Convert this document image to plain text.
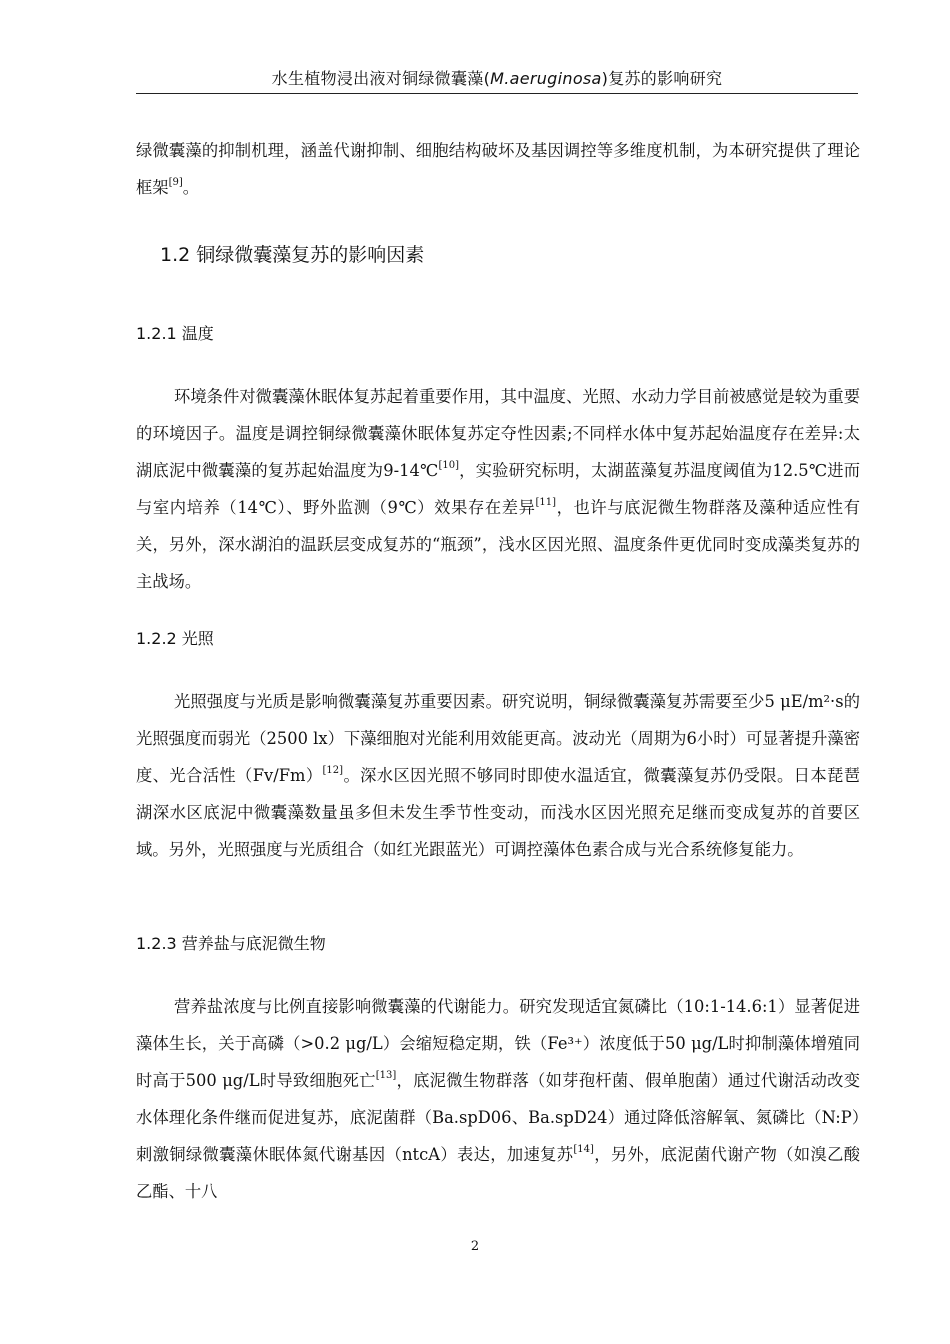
水生植物浸出液对铜绿微囊藻(M.aeruginosa)复苏的影响研究
绿微囊藻的抑制机理，涵盖代谢抑制、细胞结构破坏及基因调控等多维度机制，为本研究提供了理论框架[9]。
1.2 铜绿微囊藻复苏的影响因素
1.2.1 温度
环境条件对微囊藻休眠体复苏起着重要作用，其中温度、光照、水动力学目前被感觉是较为重要的环境因子。温度是调控铜绿微囊藻休眠体复苏定夺性因素;不同样水体中复苏起始温度存在差异:太湖底泥中微囊藻的复苏起始温度为9-14℃[10]，实验研究标明，太湖蓝藻复苏温度阈值为12.5℃进而与室内培养（14℃）、野外监测（9℃）效果存在差异[11]，也许与底泥微生物群落及藻种适应性有关，另外，深水湖泊的温跃层变成复苏的“瓶颈”，浅水区因光照、温度条件更优同时变成藻类复苏的主战场。
1.2.2 光照
光照强度与光质是影响微囊藻复苏重要因素。研究说明，铜绿微囊藻复苏需要至少5 μE/m²·s的光照强度而弱光（2500 lx）下藻细胞对光能利用效能更高。波动光（周期为6小时）可显著提升藻密度、光合活性（Fv/Fm）[12]。深水区因光照不够同时即使水温适宜，微囊藻复苏仍受限。日本琵琶湖深水区底泥中微囊藻数量虽多但未发生季节性变动，而浅水区因光照充足继而变成复苏的首要区域。另外，光照强度与光质组合（如红光跟蓝光）可调控藻体色素合成与光合系统修复能力。
1.2.3 营养盐与底泥微生物
营养盐浓度与比例直接影响微囊藻的代谢能力。研究发现适宜氮磷比（10:1-14.6:1）显著促进藻体生长，关于高磷（>0.2 μg/L）会缩短稳定期，铁（Fe³⁺）浓度低于50 μg/L时抑制藻体增殖同时高于500 μg/L时导致细胞死亡[13]，底泥微生物群落（如芽孢杆菌、假单胞菌）通过代谢活动改变水体理化条件继而促进复苏，底泥菌群（Ba.spD06、Ba.spD24）通过降低溶解氧、氮磷比（N:P）刺激铜绿微囊藻休眠体氮代谢基因（ntcA）表达，加速复苏[14]，另外，底泥菌代谢产物（如溴乙酸乙酯、十八
2
